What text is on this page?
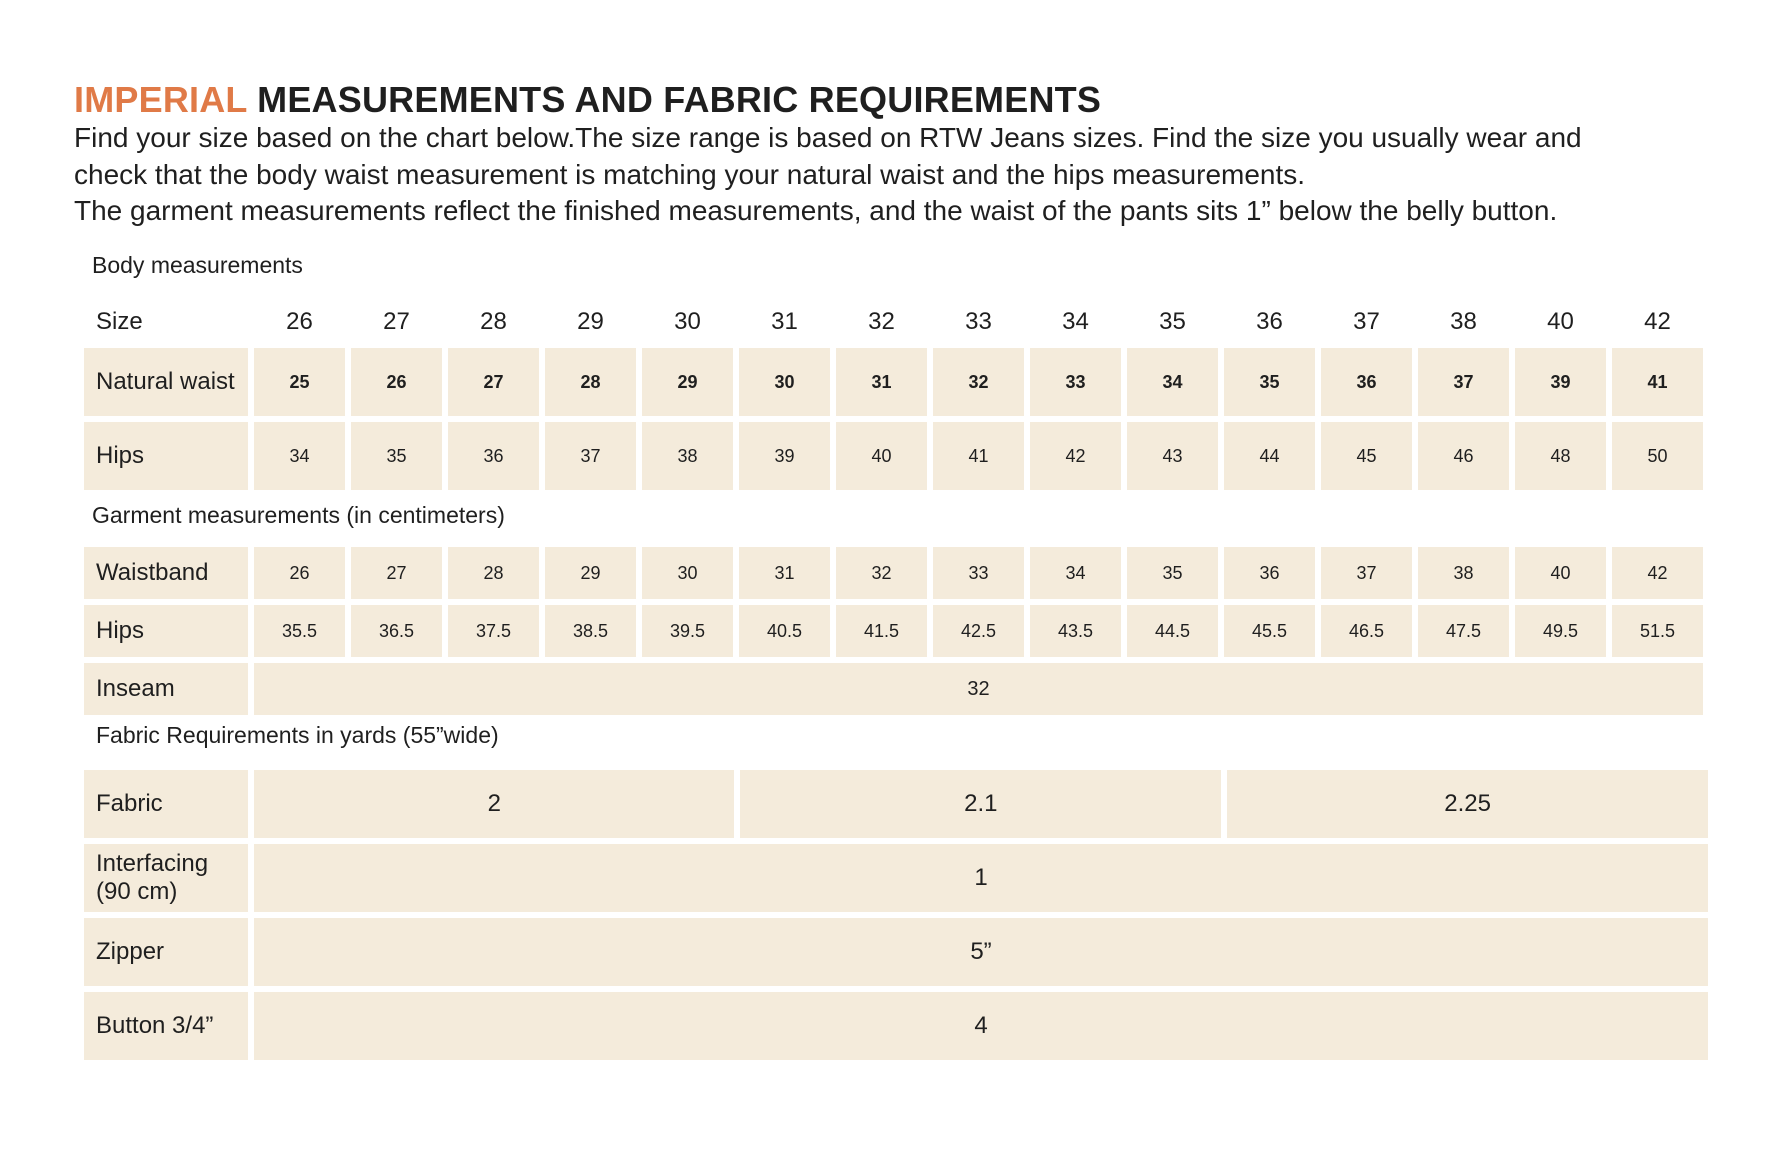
IMPERIAL MEASUREMENTS AND FABRIC REQUIREMENTS

Find your size based on the chart below.The size range is based on RTW Jeans sizes. Find the size you usually wear and

check that the body waist measurement is matching your natural waist and the hips measurements.

The garment measurements reflect the finished measurements, and the waist of the pants sits 1” below the belly button.

Body measurements
Size	26	27	28	29	30	31	32	33	34	35	36	37	38	40	42
Natural waist	25	26	27	28	29	30	31	32	33	34	35	36	37	39	41
Hips	34	35	36	37	38	39	40	41	42	43	44	45	46	48	50
Garment measurements (in centimeters)
Waistband	26	27	28	29	30	31	32	33	34	35	36	37	38	40	42
Hips	35.5	36.5	37.5	38.5	39.5	40.5	41.5	42.5	43.5	44.5	45.5	46.5	47.5	49.5	51.5
Inseam	32														
Fabric Requirements in yards (55”wide)
Fabric	2	2.1	2.25

Interfacing
(90 cm)	1		
Zipper	5”		
Button 3/4”	4		
